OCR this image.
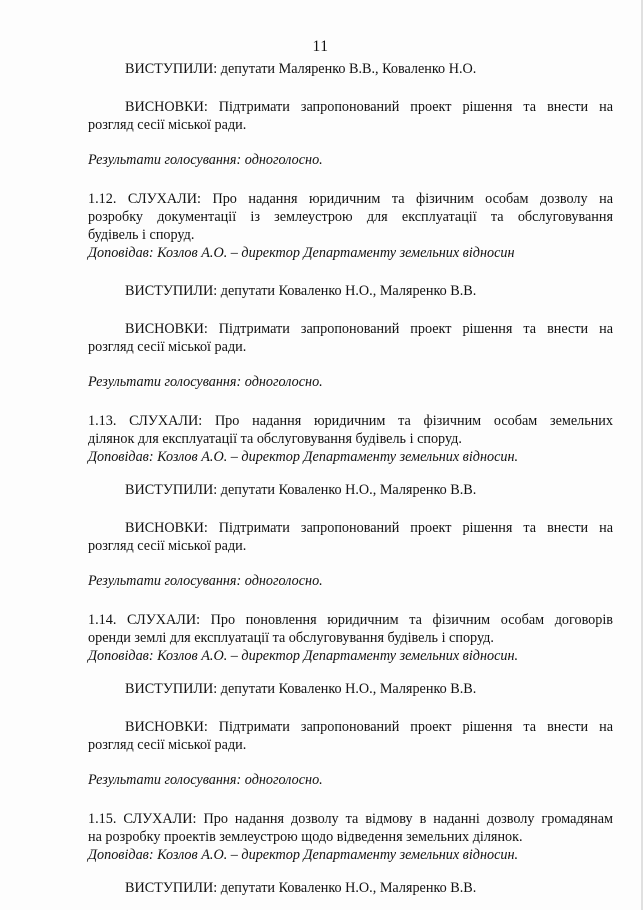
11
ВИСТУПИЛИ: депутати Маляренко В.В., Коваленко Н.О.
ВИСНОВКИ: Підтримати запропонований проект рішення та внести на
розгляд сесії міської ради.
Результати голосування: одноголосно.
1.12. СЛУХАЛИ: Про надання юридичним та фізичним особам дозволу на
розробку документації із землеустрою для експлуатації та обслуговування
будівель і споруд.
Доповідав: Козлов А.О. – директор Департаменту земельних відносин
ВИСТУПИЛИ: депутати Коваленко Н.О., Маляренко В.В.
ВИСНОВКИ: Підтримати запропонований проект рішення та внести на
розгляд сесії міської ради.
Результати голосування: одноголосно.
1.13. СЛУХАЛИ: Про надання юридичним та фізичним особам земельних
ділянок для експлуатації та обслуговування будівель і споруд.
Доповідав: Козлов А.О. – директор Департаменту земельних відносин.
ВИСТУПИЛИ: депутати Коваленко Н.О., Маляренко В.В.
ВИСНОВКИ: Підтримати запропонований проект рішення та внести на
розгляд сесії міської ради.
Результати голосування: одноголосно.
1.14. СЛУХАЛИ: Про поновлення юридичним та фізичним особам договорів
оренди землі для експлуатації та обслуговування будівель і споруд.
Доповідав: Козлов А.О. – директор Департаменту земельних відносин.
ВИСТУПИЛИ: депутати Коваленко Н.О., Маляренко В.В.
ВИСНОВКИ: Підтримати запропонований проект рішення та внести на
розгляд сесії міської ради.
Результати голосування: одноголосно.
1.15. СЛУХАЛИ: Про надання дозволу та відмову в наданні дозволу громадянам
на розробку проектів землеустрою щодо відведення земельних ділянок.
Доповідав: Козлов А.О. – директор Департаменту земельних відносин.
ВИСТУПИЛИ: депутати Коваленко Н.О., Маляренко В.В.
